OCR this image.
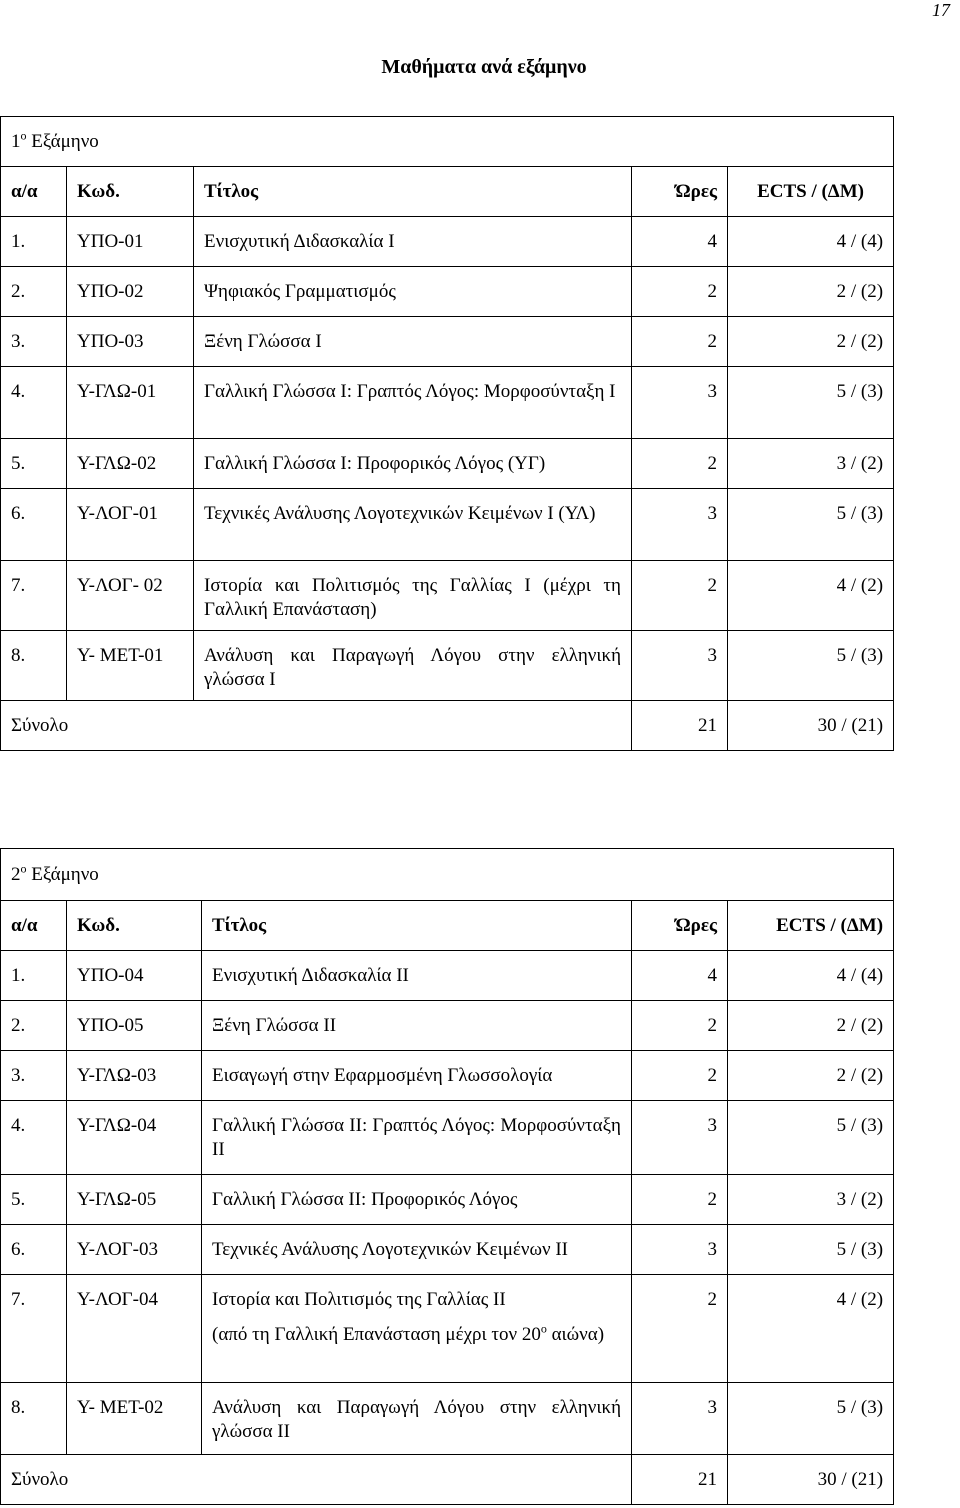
17
Μαθήματα ανά εξάμηνο
$1^o$ Εξάμηνο				
α/α	Κωδ.	Τίτλος	Ώρες	ECTS / (ΔΜ)
1.	ΥΠΟ-01	Ενισχυτική Διδασκαλία Ι	4	4 / (4)
2.	ΥΠΟ-02	Ψηφιακός Γραμματισμός	2	2 / (2)
3.	ΥΠΟ-03	Ξένη Γλώσσα Ι	2	2 / (2)
4.	Υ-ΓΛΩ-01	Γαλλική Γλώσσα Ι: Γραπτός Λόγος: Μορφοσύνταξη Ι	3	5 / (3)
5.	Υ-ΓΛΩ-02	Γαλλική Γλώσσα Ι: Προφορικός Λόγος (ΥΓ)	2	3 / (2)
6.	Υ-ΛΟΓ-01	Τεχνικές Ανάλυσης Λογοτεχνικών Κειμένων Ι (ΥΛ)	3	5 / (3)
7.	Υ-ΛΟΓ- 02	Ιστορία και Πολιτισμός της Γαλλίας Ι (μέχρι τη Γαλλική Επανάσταση)	2	4 / (2)
8.	Υ- ΜΕΤ-01	Ανάλυση και Παραγωγή Λόγου στην ελληνική γλώσσα Ι	3	5 / (3)
Σύνολο			21	30 / (21)
$2^o$ Εξάμηνο				
α/α	Κωδ.	Τίτλος	Ώρες	ECTS / (ΔΜ)
1.	ΥΠΟ-04	Ενισχυτική Διδασκαλία ΙΙ	4	4 / (4)
2.	ΥΠΟ-05	Ξένη Γλώσσα ΙΙ	2	2 / (2)
3.	Υ-ΓΛΩ-03	Εισαγωγή στην Εφαρμοσμένη Γλωσσολογία	2	2 / (2)
4.	Υ-ΓΛΩ-04	Γαλλική Γλώσσα ΙΙ: Γραπτός Λόγος: Μορφοσύνταξη ΙΙ	3	5 / (3)
5.	Υ-ΓΛΩ-05	Γαλλική Γλώσσα ΙΙ: Προφορικός Λόγος	2	3 / (2)
6.	Υ-ΛΟΓ-03	Τεχνικές Ανάλυσης Λογοτεχνικών Κειμένων ΙΙ	3	5 / (3)
7.	Υ-ΛΟΓ-04	Ιστορία και Πολιτισμός της Γαλλίας ΙΙ
(από τη Γαλλική Επανάσταση μέχρι τον $20^o$ αιώνα)	2	4 / (2)
8.	Υ- ΜΕΤ-02	Ανάλυση και Παραγωγή Λόγου στην ελληνική γλώσσα ΙΙ	3	5 / (3)
Σύνολο			21	30 / (21)
